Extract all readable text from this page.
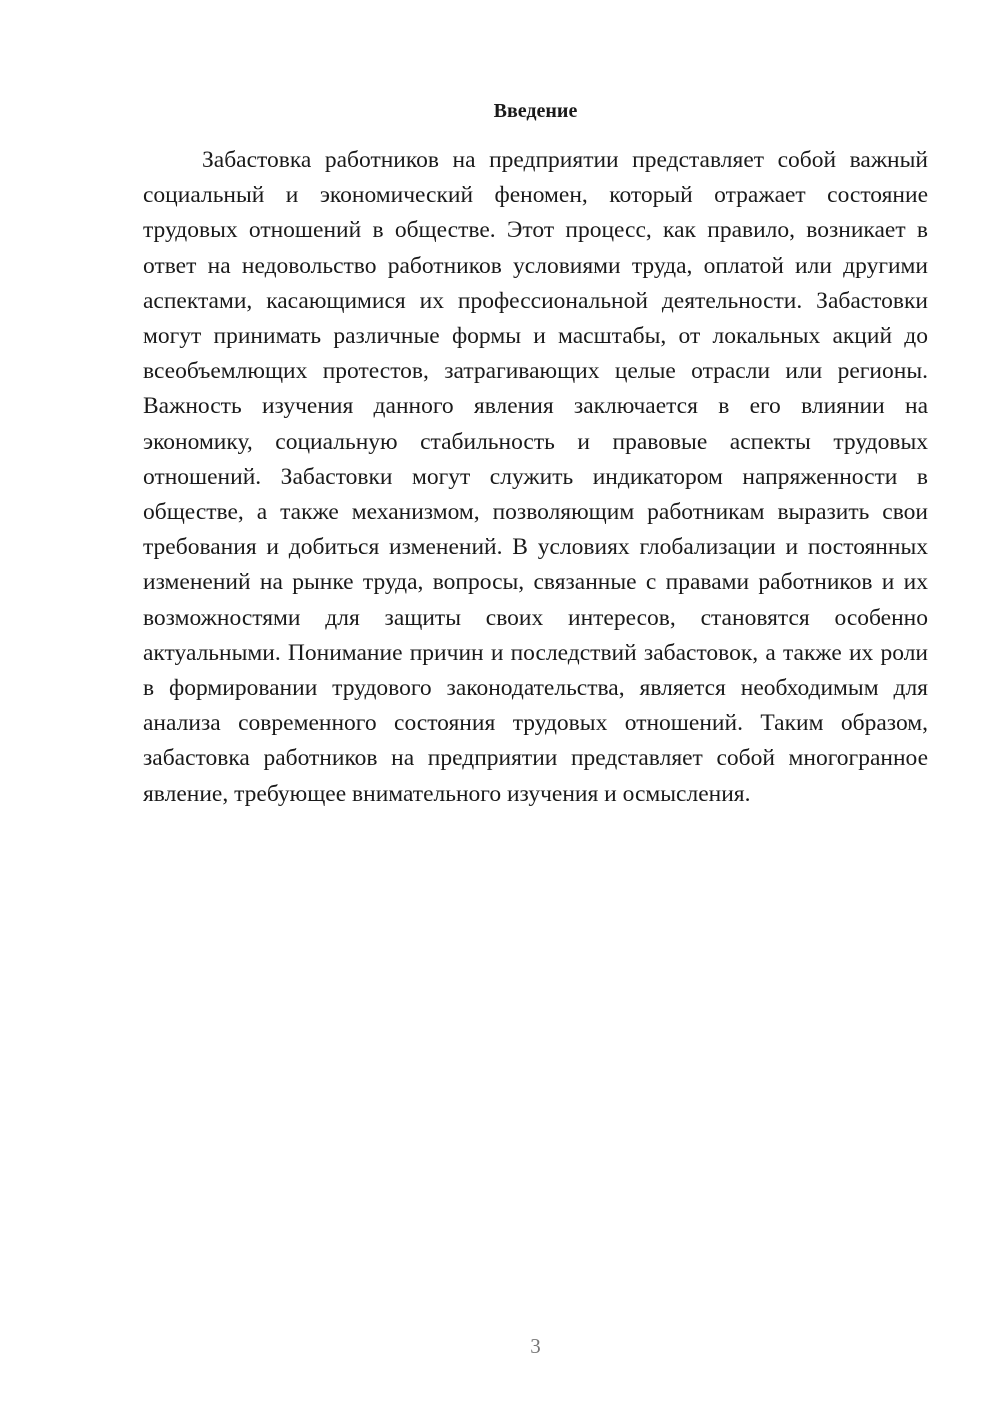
Введение

Забастовка работников на предприятии представляет собой важный социальный и экономический феномен, который отражает состояние трудовых отношений в обществе. Этот процесс, как правило, возникает в ответ на недовольство работников условиями труда, оплатой или другими аспектами, касающимися их профессиональной деятельности. Забастовки могут принимать различные формы и масштабы, от локальных акций до всеобъемлющих протестов, затрагивающих целые отрасли или регионы. Важность изучения данного явления заключается в его влиянии на экономику, социальную стабильность и правовые аспекты трудовых отношений. Забастовки могут служить индикатором напряженности в обществе, а также механизмом, позволяющим работникам выразить свои требования и добиться изменений. В условиях глобализации и постоянных изменений на рынке труда, вопросы, связанные с правами работников и их возможностями для защиты своих интересов, становятся особенно актуальными. Понимание причин и последствий забастовок, а также их роли в формировании трудового законодательства, является необходимым для анализа современного состояния трудовых отношений. Таким образом, забастовка работников на предприятии представляет собой многогранное явление, требующее внимательного изучения и осмысления.

3
